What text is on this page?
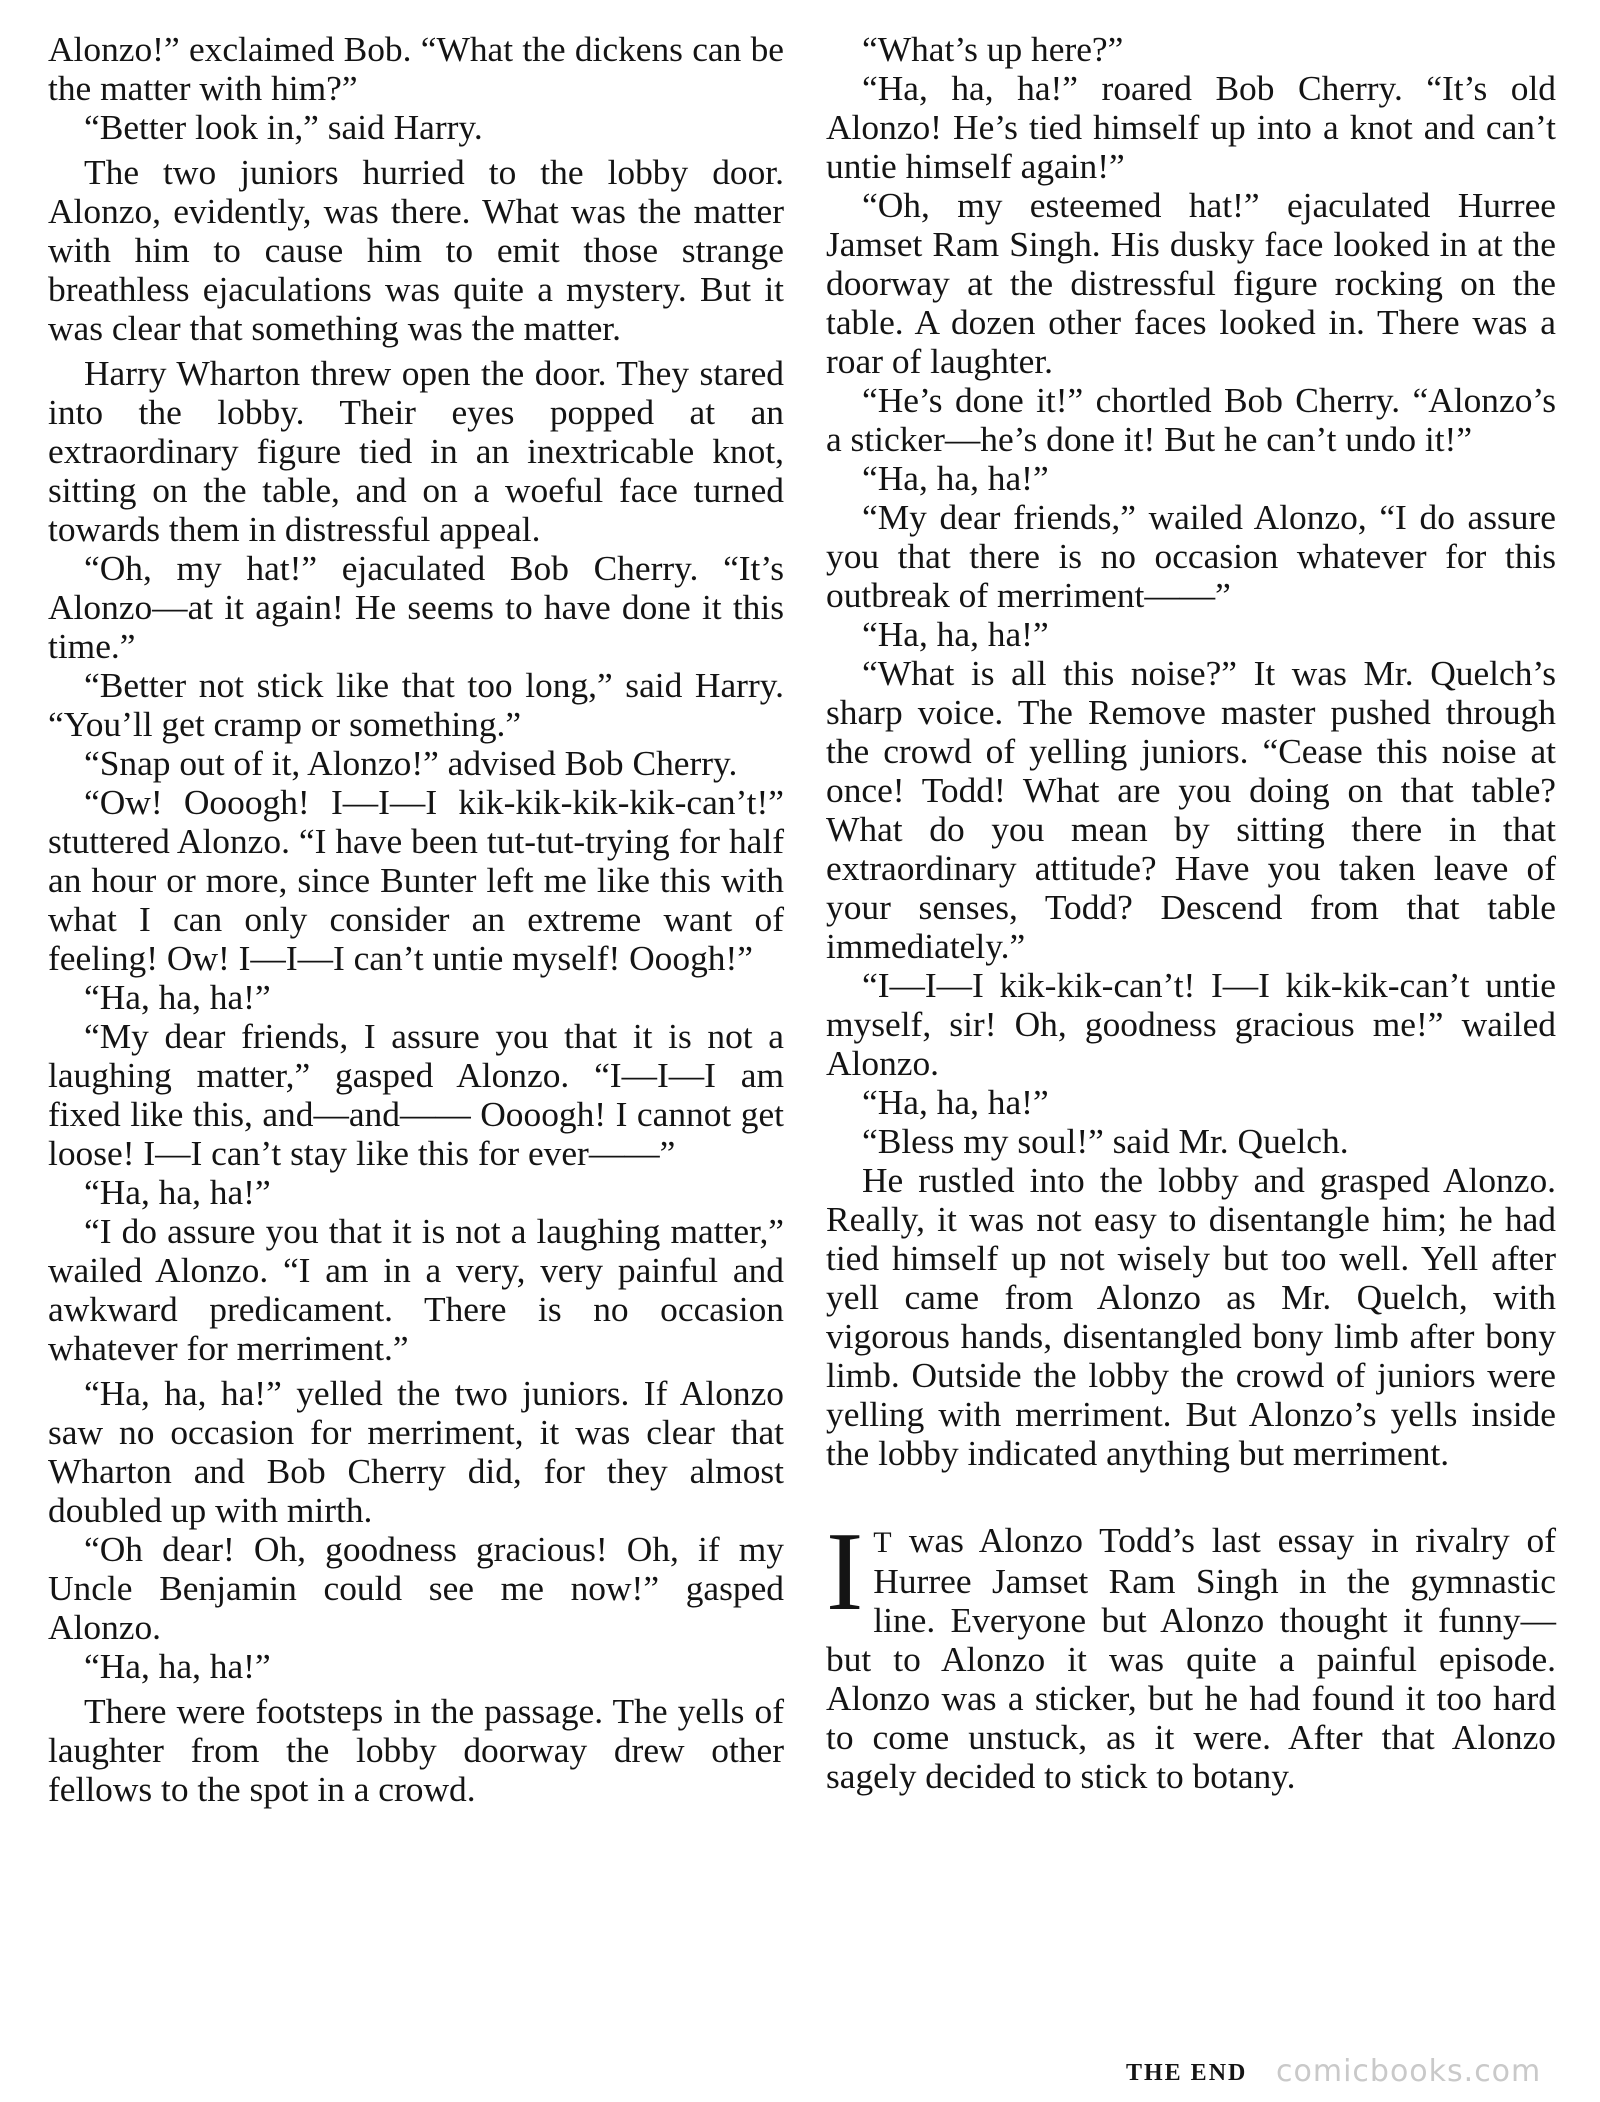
Alonzo!” exclaimed Bob. “What the dickens can be the matter with him?”

“Better look in,” said Harry.

The two juniors hurried to the lobby door. Alonzo, evidently, was there. What was the matter with him to cause him to emit those strange breathless ejaculations was quite a mystery. But it was clear that something was the matter.

Harry Wharton threw open the door. They stared into the lobby. Their eyes popped at an extraordinary figure tied in an inextricable knot, sitting on the table, and on a woeful face turned towards them in distressful appeal.

“Oh, my hat!” ejaculated Bob Cherry. “It’s Alonzo—at it again! He seems to have done it this time.”

“Better not stick like that too long,” said Harry. “You’ll get cramp or something.”

“Snap out of it, Alonzo!” advised Bob Cherry.

“Ow! Oooogh! I—I—I kik-kik-kik-kik-can’t!” stuttered Alonzo. “I have been tut-tut-trying for half an hour or more, since Bunter left me like this with what I can only consider an extreme want of feeling! Ow! I—I—I can’t untie myself! Ooogh!”

“Ha, ha, ha!”

“My dear friends, I assure you that it is not a laughing matter,” gasped Alonzo. “I—I—I am fixed like this, and—and—— Oooogh! I cannot get loose! I—I can’t stay like this for ever——”

“Ha, ha, ha!”

“I do assure you that it is not a laughing matter,” wailed Alonzo. “I am in a very, very painful and awkward predicament. There is no occasion whatever for merriment.”

“Ha, ha, ha!” yelled the two juniors. If Alonzo saw no occasion for merriment, it was clear that Wharton and Bob Cherry did, for they almost doubled up with mirth.

“Oh dear! Oh, goodness gracious! Oh, if my Uncle Benjamin could see me now!” gasped Alonzo.

“Ha, ha, ha!”

There were footsteps in the passage. The yells of laughter from the lobby doorway drew other fellows to the spot in a crowd.

“What’s up here?”

“Ha, ha, ha!” roared Bob Cherry. “It’s old Alonzo! He’s tied himself up into a knot and can’t untie himself again!”

“Oh, my esteemed hat!” ejaculated Hurree Jamset Ram Singh. His dusky face looked in at the doorway at the distressful figure rocking on the table. A dozen other faces looked in. There was a roar of laughter.

“He’s done it!” chortled Bob Cherry. “Alonzo’s a sticker—he’s done it! But he can’t undo it!”

“Ha, ha, ha!”

“My dear friends,” wailed Alonzo, “I do assure you that there is no occasion whatever for this outbreak of merriment——”

“Ha, ha, ha!”

“What is all this noise?” It was Mr. Quelch’s sharp voice. The Remove master pushed through the crowd of yelling juniors. “Cease this noise at once! Todd! What are you doing on that table? What do you mean by sitting there in that extraordinary attitude? Have you taken leave of your senses, Todd? Descend from that table immediately.”

“I—I—I kik-kik-can’t! I—I kik-kik-can’t untie myself, sir! Oh, goodness gracious me!” wailed Alonzo.

“Ha, ha, ha!”

“Bless my soul!” said Mr. Quelch.

He rustled into the lobby and grasped Alonzo. Really, it was not easy to disentangle him; he had tied himself up not wisely but too well. Yell after yell came from Alonzo as Mr. Quelch, with vigorous hands, disentangled bony limb after bony limb. Outside the lobby the crowd of juniors were yelling with merriment. But Alonzo’s yells inside the lobby indicated anything but merriment.

I T was Alonzo Todd’s last essay in rivalry of Hurree Jamset Ram Singh in the gymnastic line. Everyone but Alonzo thought it funny—but to Alonzo it was quite a painful episode. Alonzo was a sticker, but he had found it too hard to come unstuck, as it were. After that Alonzo sagely decided to stick to botany.

THE END comicbooks.com
